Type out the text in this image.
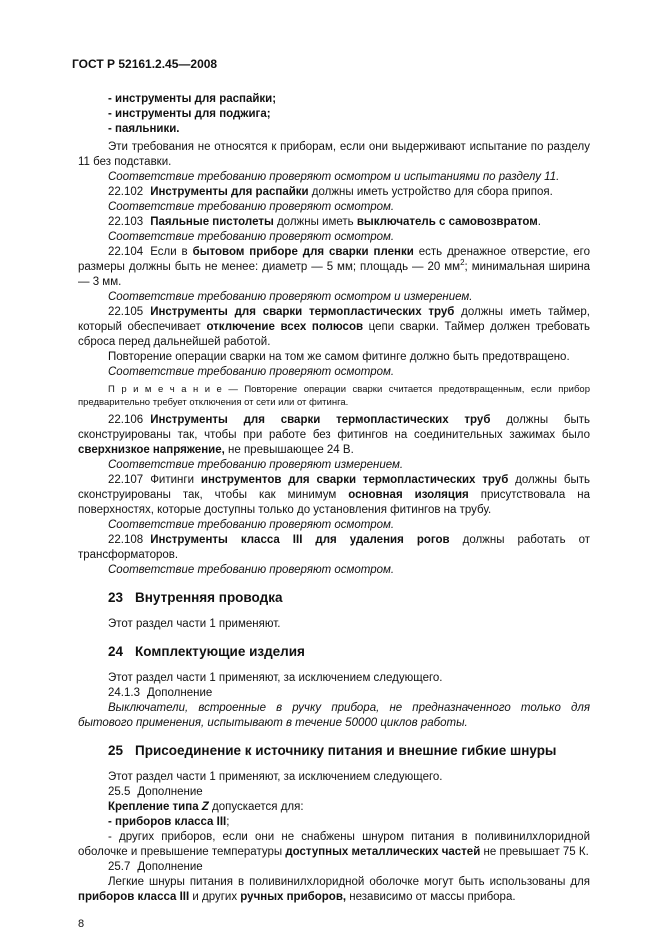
ГОСТ Р 52161.2.45—2008

- инструменты для распайки;

- инструменты для поджига;

- паяльники.

Эти требования не относятся к приборам, если они выдерживают испытание по разделу 11 без подставки.

Соответствие требованию проверяют осмотром и испытаниями по разделу 11.

22.102 Инструменты для распайки должны иметь устройство для сбора припоя.

Соответствие требованию проверяют осмотром.

22.103 Паяльные пистолеты должны иметь выключатель с самовозвратом.

Соответствие требованию проверяют осмотром.

22.104 Если в бытовом приборе для сварки пленки есть дренажное отверстие, его размеры должны быть не менее: диаметр — 5 мм; площадь — 20 $мм^2$; минимальная ширина — 3 мм.

Соответствие требованию проверяют осмотром и измерением.

22.105 Инструменты для сварки термопластических труб должны иметь таймер, который обеспечивает отключение всех полюсов цепи сварки. Таймер должен требовать сброса перед дальнейшей работой.

Повторение операции сварки на том же самом фитинге должно быть предотвращено.

Соответствие требованию проверяют осмотром.

П р и м е ч а н и е — Повторение операции сварки считается предотвращенным, если прибор предварительно требует отключения от сети или от фитинга.

22.106 Инструменты для сварки термопластических труб должны быть сконструированы так, чтобы при работе без фитингов на соединительных зажимах было сверхнизкое напряжение, не превышающее 24 В.

Соответствие требованию проверяют измерением.

22.107 Фитинги инструментов для сварки термопластических труб должны быть сконструированы так, чтобы как минимум основная изоляция присутствовала на поверхностях, которые доступны только до установления фитингов на трубу.

Соответствие требованию проверяют осмотром.

22.108 Инструменты класса III для удаления рогов должны работать от трансформаторов.

Соответствие требованию проверяют осмотром.

23 Внутренняя проводка

Этот раздел части 1 применяют.

24 Комплектующие изделия

Этот раздел части 1 применяют, за исключением следующего.

24.1.3 Дополнение

Выключатели, встроенные в ручку прибора, не предназначенного только для бытового применения, испытывают в течение 50000 циклов работы.

25 Присоединение к источнику питания и внешние гибкие шнуры

Этот раздел части 1 применяют, за исключением следующего.

25.5 Дополнение

Крепление типа Z допускается для:

- приборов класса III;

- других приборов, если они не снабжены шнуром питания в поливинилхлоридной оболочке и превышение температуры доступных металлических частей не превышает 75 К.

25.7 Дополнение

Легкие шнуры питания в поливинилхлоридной оболочке могут быть использованы для приборов класса III и других ручных приборов, независимо от массы прибора.

8
